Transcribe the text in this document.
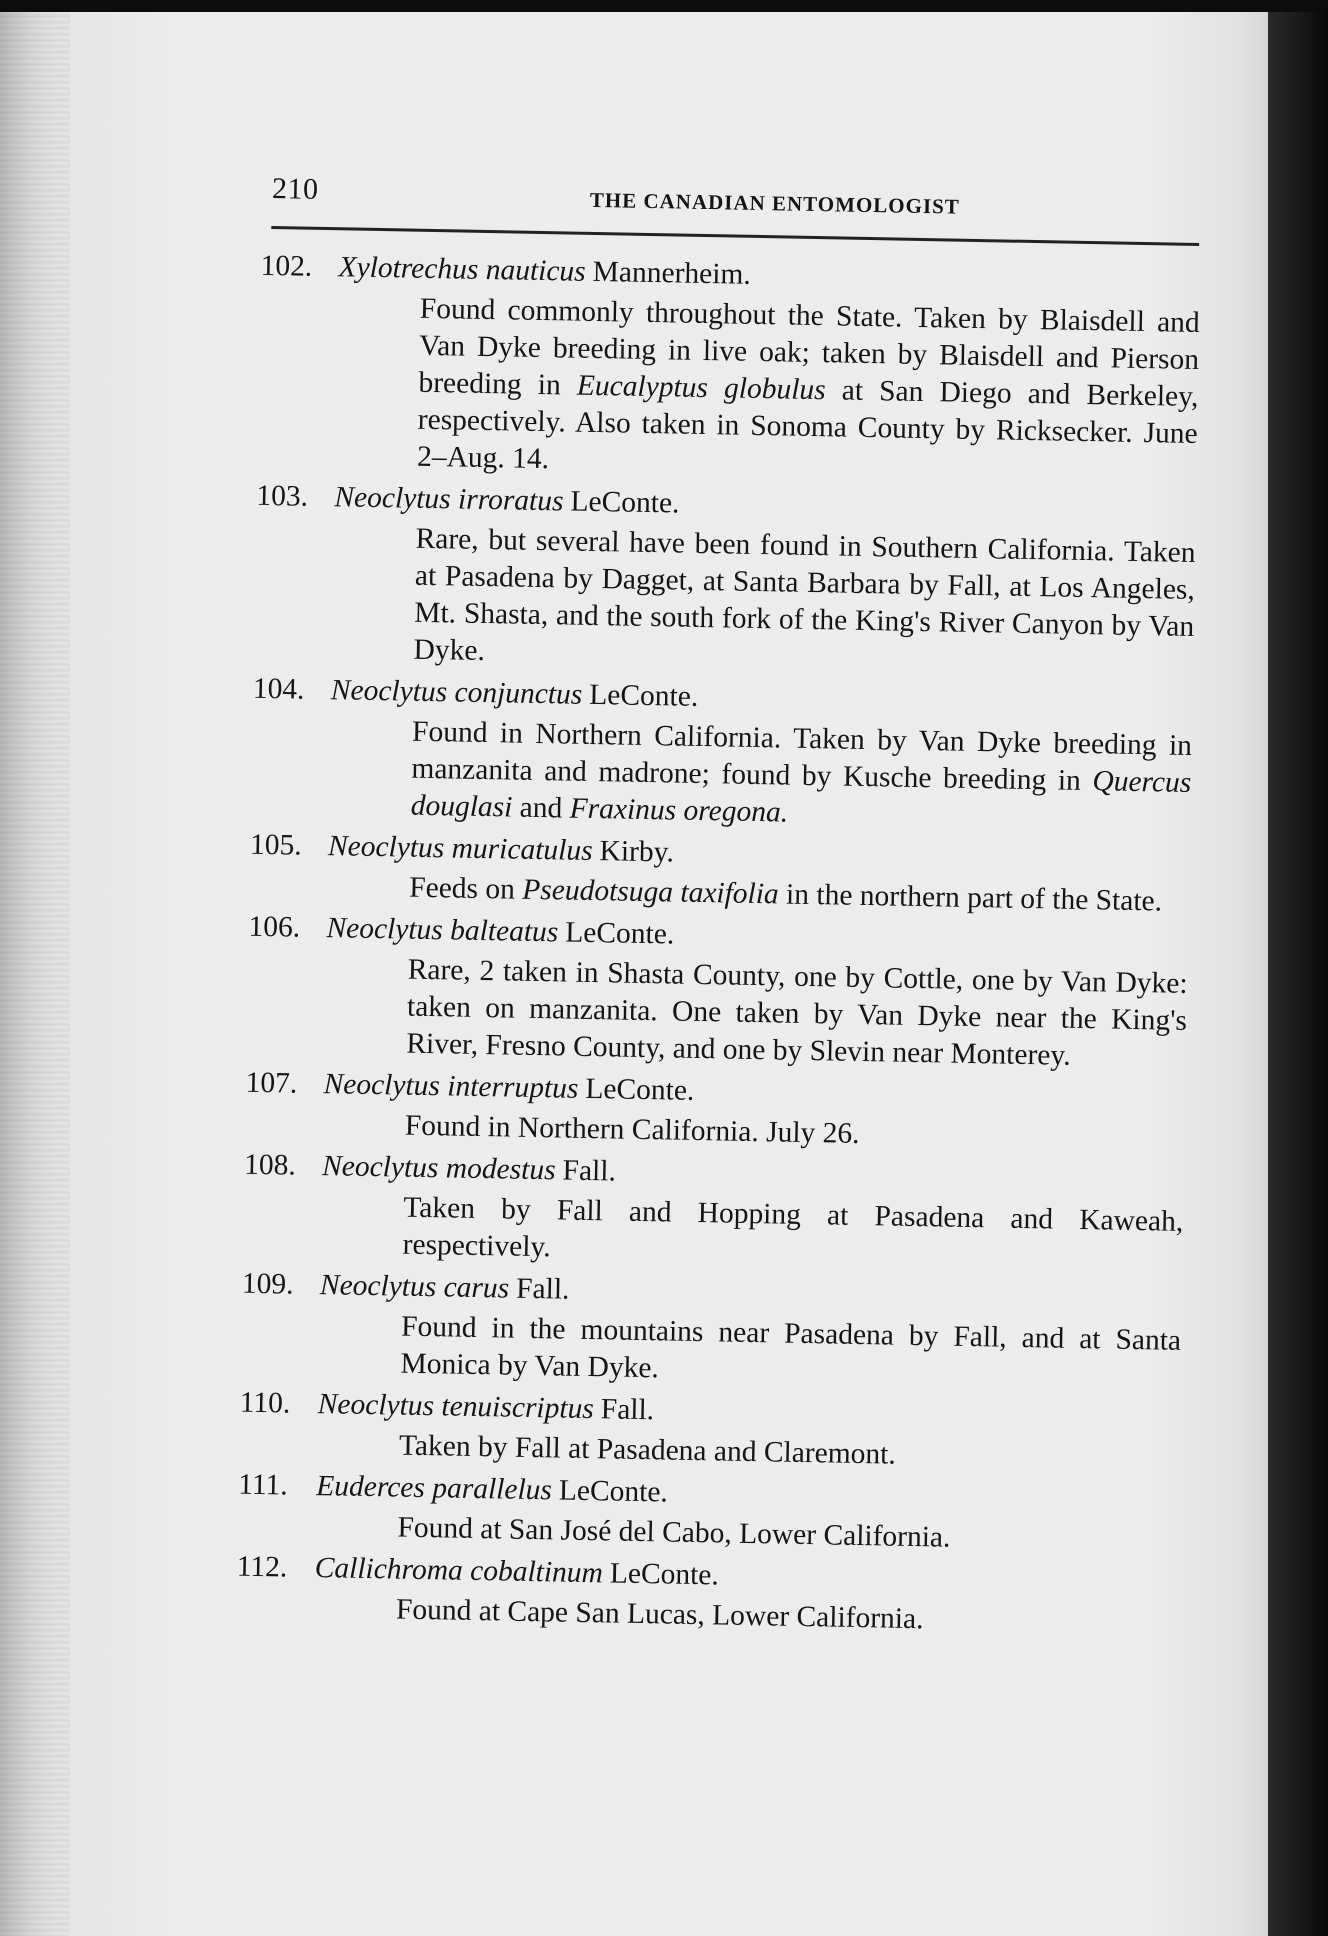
210	THE CANADIAN ENTOMOLOGIST
102. Xylotrechus nauticus Mannerheim.
Found commonly throughout the State. Taken by Blaisdell and Van Dyke breeding in live oak; taken by Blaisdell and Pierson breeding in Eucalyptus globulus at San Diego and Berkeley, respectively. Also taken in Sonoma County by Ricksecker. June 2–Aug. 14.
103. Neoclytus irroratus LeConte.
Rare, but several have been found in Southern California. Taken at Pasadena by Dagget, at Santa Barbara by Fall, at Los Angeles, Mt. Shasta, and the south fork of the King's River Canyon by Van Dyke.
104. Neoclytus conjunctus LeConte.
Found in Northern California. Taken by Van Dyke breeding in manzanita and madrone; found by Kusche breeding in Quercus douglasi and Fraxinus oregona.
105. Neoclytus muricatulus Kirby.
Feeds on Pseudotsuga taxifolia in the northern part of the State.
106. Neoclytus balteatus LeConte.
Rare, 2 taken in Shasta County, one by Cottle, one by Van Dyke: taken on manzanita. One taken by Van Dyke near the King's River, Fresno County, and one by Slevin near Monterey.
107. Neoclytus interruptus LeConte.
Found in Northern California. July 26.
108. Neoclytus modestus Fall.
Taken by Fall and Hopping at Pasadena and Kaweah, respectively.
109. Neoclytus carus Fall.
Found in the mountains near Pasadena by Fall, and at Santa Monica by Van Dyke.
110. Neoclytus tenuiscriptus Fall.
Taken by Fall at Pasadena and Claremont.
111. Euderces parallelus LeConte.
Found at San José del Cabo, Lower California.
112. Callichroma cobaltinum LeConte.
Found at Cape San Lucas, Lower California.
